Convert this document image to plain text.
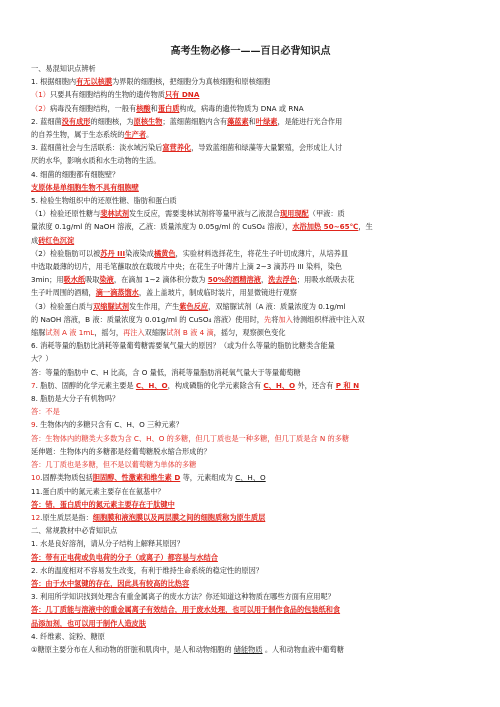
高考生物必修一——百日必背知识点
一、易混知识点辨析
1. 根据细胞内有无以核膜为界限的细胞核，把细胞分为真核细胞和原核细胞
（1）只要具有细胞结构的生物的遗传物质只有 DNA
（2）病毒没有细胞结构，一般有核酸和蛋白质构成，病毒的遗传物质为 DNA 或 RNA
2. 蓝细菌没有成形的细胞核，为原核生物；蓝细菌细胞内含有藻蓝素和叶绿素，是能进行光合作用
的自养生物，属于生态系统的生产者。
3. 蓝细菌社会与生活联系：淡水域污染后富营养化，导致蓝细菌和绿藻等大量繁殖，会形成让人讨
厌的水华，影响水质和水生动物的生活。
4. 细菌的细胞都有细胞壁？
支原体是单细胞生物不具有细胞壁
5. 检验生物组织中的还原性糖、脂肪和蛋白质
（1）检验还原性糖与斐林试剂发生反应，需要斐林试剂将等量甲液与乙液混合现用现配（甲液：质
量浓度 0.1g/ml 的 NaOH 溶液，乙液：质量浓度为 0.05g/ml 的 CuSO₄ 溶液），水浴加热 50~65℃，生
成砖红色沉淀
（2）检验脂肪可以被苏丹 III染液染成橘黄色，实验材料选择花生，将花生子叶切成薄片，从培养皿
中选取最薄的切片，用毛笔蘸取放在载玻片中央；在花生子叶薄片上滴 2~3 滴苏丹 III 染料，染色
3min；用吸水纸吸取染液，在滴加 1~2 滴体积分数为 50%的酒精溶液，洗去浮色；用吸水纸吸去花
生子叶周围的酒精，滴一滴蒸馏水，盖上盖玻片，制成临时装片，用显微镜进行观察
（3）检验蛋白质与双缩脲试剂发生作用，产生紫色反应，双缩脲试剂（A 液：质量浓度为 0.1g/ml
的 NaOH 溶液，B 液：质量浓度为 0.01g/ml 的 CuSO₄ 溶液）使用时，先将加入待测组织样液中注入双
缩脲试剂 A 液 1mL，摇匀，再注入双缩脲试剂 B 液 4 滴，摇匀，观察颜色变化
6. 消耗等量的脂肪比消耗等量葡萄糖需要氧气量大的原因？（或为什么等量的脂肪比糖类含能量
大？）
答：等量的脂肪中 C、H 比高，含 O 量低，消耗等量脂肪消耗氧气量大于等量葡萄糖
7. 脂肪、固醇的化学元素主要是 C、H、O，构成磷脂的化学元素除含有 C、H、O 外，还含有 P 和 N
8. 脂肪是大分子有机物吗？
答：不是
9. 生物体内的多糖只含有 C、H、O 三种元素？
答：生物体内的糖类大多数为含 C、H、O 的多糖，但几丁质也是一种多糖，但几丁质是含 N 的多糖
延伸题：生物体内的多糖都是经葡萄糖脱水缩合形成的？
答：几丁质也是多糖，但不是以葡萄糖为单体的多糖
10.固醇类物质包括胆固醇、性激素和维生素 D 等，元素组成为 C、H、O
11.蛋白质中的氮元素主要存在在氨基中？
答：错，蛋白质中的氮元素主要存在于肽键中
12.原生质层是指：细胞膜和液泡膜以及两层膜之间的细胞质称为原生质层
二、常规教材中必背知识点
1. 水是良好溶剂，请从分子结构上解释其原因？
答：带有正电荷或负电荷的分子（或离子）都容易与水结合
2. 水的温度相对不容易发生改变，有利于维持生命系统的稳定性的原因？
答：由于水中氢键的存在，因此具有较高的比热容
3. 利用所学知识找到处理含有重金属离子的废水方法？你还知道这种物质在哪些方面有应用呢？
答：几丁质能与溶液中的重金属离子有效结合，用于废水处理，也可以用于制作食品的包装纸和食
品添加剂，也可以用于制作人造皮肤
4. 纤维素、淀粉、糖原
①糖原主要分布在人和动物的肝脏和肌肉中，是人和动物细胞的 储能物质 。人和动物血液中葡萄糖
